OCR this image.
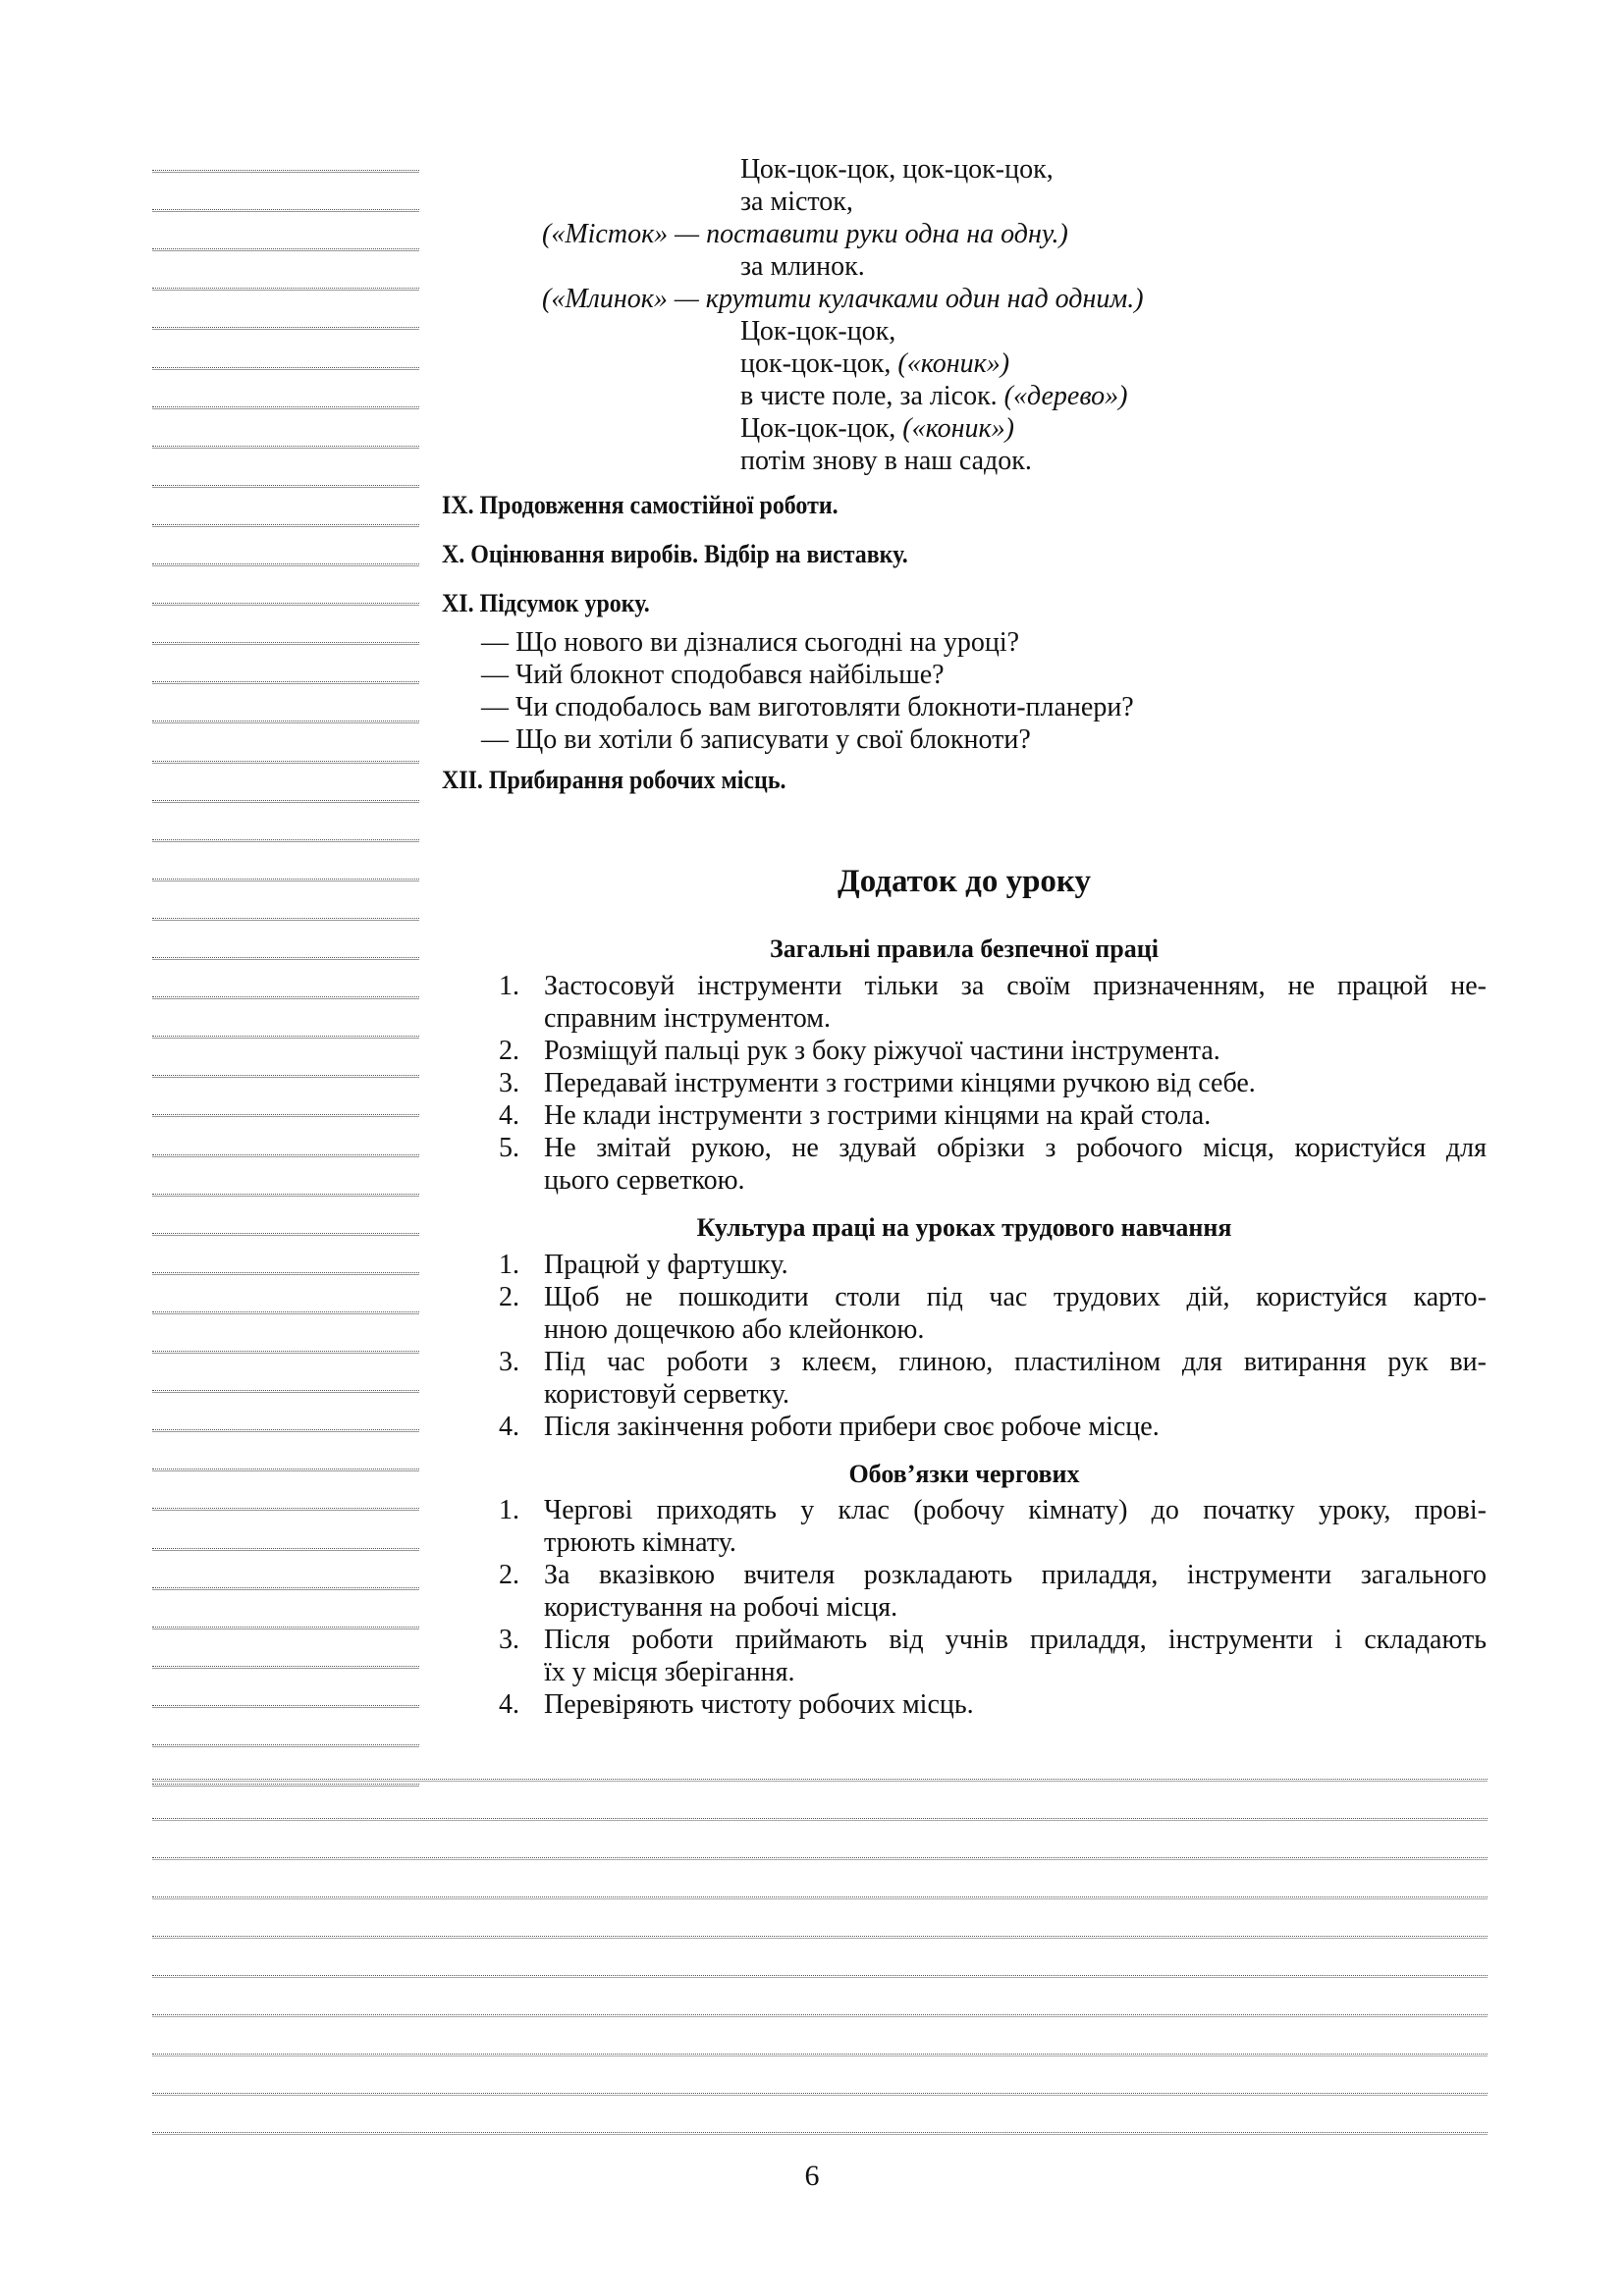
Цок-цок-цок, цок-цок-цок,
за місток,
(«Місток» — поставити руки одна на одну.)
за млинок.
(«Млинок» — крутити кулачками один над одним.)
Цок-цок-цок,
цок-цок-цок, («коник»)
в чисте поле, за лісок. («дерево»)
Цок-цок-цок, («коник»)
потім знову в наш садок.
IX. Продовження самостійної роботи.
X. Оцінювання виробів. Відбір на виставку.
XI. Підсумок уроку.
— Що нового ви дізналися сьогодні на уроці?
— Чий блокнот сподобався найбільше?
— Чи сподобалось вам виготовляти блокноти-планери?
— Що ви хотіли б записувати у свої блокноти?
XII. Прибирання робочих місць.
Додаток до уроку
Загальні правила безпечної праці
1. Застосовуй інструменти тільки за своїм призначенням, не працюй не-
справним інструментом.
2. Розміщуй пальці рук з боку ріжучої частини інструмента.
3. Передавай інструменти з гострими кінцями ручкою від себе.
4. Не клади інструменти з гострими кінцями на край стола.
5. Не змітай рукою, не здувай обрізки з робочого місця, користуйся для
цього серветкою.
Культура праці на уроках трудового навчання
1. Працюй у фартушку.
2. Щоб не пошкодити столи під час трудових дій, користуйся карто-
нною дощечкою або клейонкою.
3. Під час роботи з клеєм, глиною, пластиліном для витирання рук ви-
користовуй серветку.
4. Після закінчення роботи прибери своє робоче місце.
Обов’язки чергових
1. Чергові приходять у клас (робочу кімнату) до початку уроку, прові-
трюють кімнату.
2. За вказівкою вчителя розкладають приладдя, інструменти загального
користування на робочі місця.
3. Після роботи приймають від учнів приладдя, інструменти і складають
їх у місця зберігання.
4. Перевіряють чистоту робочих місць.
6
